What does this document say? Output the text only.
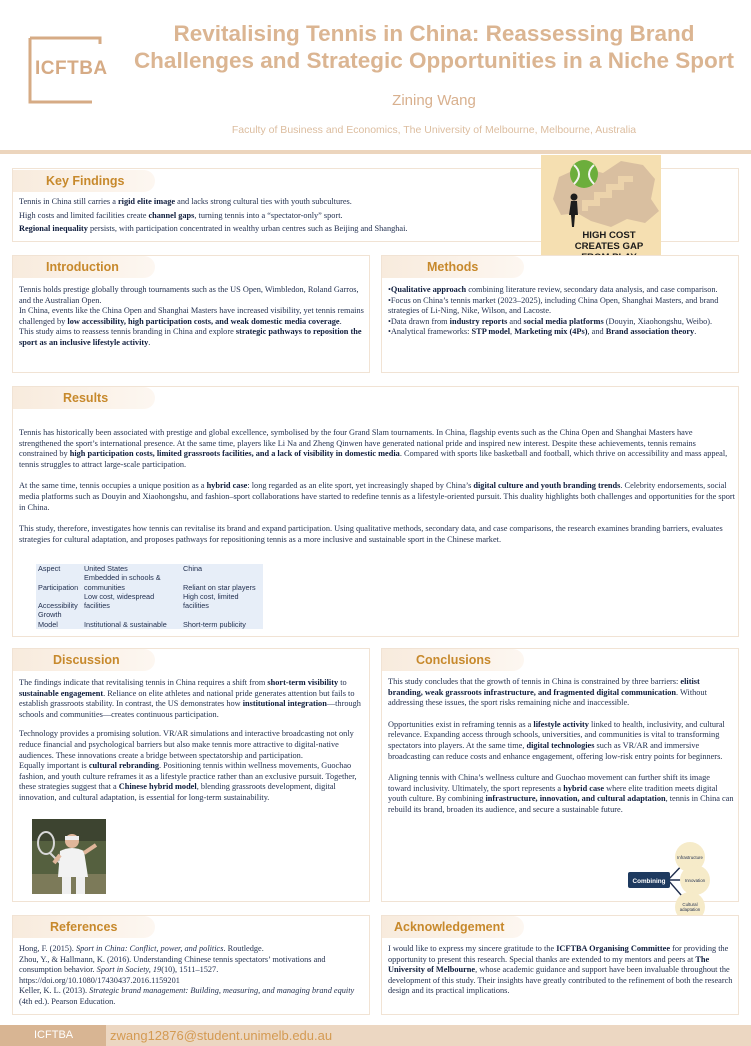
ICFTBA
Revitalising Tennis in China: Reassessing Brand
Challenges and Strategic Opportunities in a Niche Sport
Zining Wang
Faculty of Business and Economics, The University of Melbourne, Melbourne, Australia
Key Findings

Tennis in China still carries a rigid elite image and lacks strong cultural ties with youth subcultures.

High costs and limited facilities create channel gaps, turning tennis into a “spectator-only” sport.

Regional inequality persists, with participation concentrated in wealthy urban centres such as Beijing and Shanghai.

HIGH COST
CREATES GAP
Introduction

Tennis holds prestige globally through tournaments such as the US Open, Wimbledon, Roland Garros, and the Australian Open.

In China, events like the China Open and Shanghai Masters have increased visibility, yet tennis remains challenged by low accessibility, high participation costs, and weak domestic media coverage.

This study aims to reassess tennis branding in China and explore strategic pathways to reposition the sport as an inclusive lifestyle activity.

Methods

•Qualitative approach combining literature review, secondary data analysis, and case comparison.

•Focus on China’s tennis market (2023–2025), including China Open, Shanghai Masters, and brand strategies of Li-Ning, Nike, Wilson, and Lacoste.

•Data drawn from industry reports and social media platforms (Douyin, Xiaohongshu, Weibo).

•Analytical frameworks: STP model, Marketing mix (4Ps), and Brand association theory.

Results

Tennis has historically been associated with prestige and global excellence, symbolised by the four Grand Slam tournaments. In China, flagship events such as the China Open and Shanghai Masters have strengthened the sport’s international presence. At the same time, players like Li Na and Zheng Qinwen have generated national pride and inspired new interest. Despite these achievements, tennis remains constrained by high participation costs, limited grassroots facilities, and a lack of visibility in domestic media. Compared with sports like basketball and football, which thrive on accessibility and mass appeal, tennis struggles to attract large-scale participation.

At the same time, tennis occupies a unique position as a hybrid case: long regarded as an elite sport, yet increasingly shaped by China’s digital culture and youth branding trends. Celebrity endorsements, social media platforms such as Douyin and Xiaohongshu, and fashion–sport collaborations have started to redefine tennis as a lifestyle-oriented pursuit. This duality highlights both challenges and opportunities for the sport in China.

This study, therefore, investigates how tennis can revitalise its brand and expand participation. Using qualitative methods, secondary data, and case comparisons, the research examines branding barriers, evaluates strategies for cultural adaptation, and proposes pathways for repositioning tennis as a more inclusive and sustainable sport in the Chinese market.

Aspect	United States	China
Participation	Embedded in schools & communities	Reliant on star players
Accessibility	Low cost, widespread facilities	High cost, limited facilities
Growth Model	Institutional & sustainable	Short-term publicity
Discussion

The findings indicate that revitalising tennis in China requires a shift from short-term visibility to sustainable engagement. Reliance on elite athletes and national pride generates attention but fails to establish grassroots stability. In contrast, the US demonstrates how institutional integration—through schools and communities—creates continuous participation.

Technology provides a promising solution. VR/AR simulations and interactive broadcasting not only reduce financial and psychological barriers but also make tennis more attractive to digital-native audiences. These innovations create a bridge between spectatorship and participation.

Equally important is cultural rebranding. Positioning tennis within wellness movements, Guochao fashion, and youth culture reframes it as a lifestyle practice rather than an exclusive pursuit. Together, these strategies suggest that a Chinese hybrid model, blending grassroots development, digital innovation, and cultural adaptation, is essential for long-term sustainability.

Conclusions

This study concludes that the growth of tennis in China is constrained by three barriers: elitist branding, weak grassroots infrastructure, and fragmented digital communication. Without addressing these issues, the sport risks remaining niche and inaccessible.

Opportunities exist in reframing tennis as a lifestyle activity linked to health, inclusivity, and cultural relevance. Expanding access through schools, universities, and communities is vital to transforming spectators into players. At the same time, digital technologies such as VR/AR and immersive broadcasting can reduce costs and enhance engagement, offering low-risk entry points for beginners.

Aligning tennis with China’s wellness culture and Guochao movement can further shift its image toward inclusivity. Ultimately, the sport represents a hybrid case where elite tradition meets digital youth culture. By combining infrastructure, innovation, and cultural adaptation, tennis in China can rebuild its brand, broaden its audience, and secure a sustainable future.

Combining
Infrastructure
Innovation
Cultural
adaptation
References

Hong, F. (2015). Sport in China: Conflict, power, and politics. Routledge.

Zhou, Y., & Hallmann, K. (2016). Understanding Chinese tennis spectators’ motivations and consumption behavior. Sport in Society, 19(10), 1511–1527.

https://doi.org/10.1080/17430437.2016.1159201

Keller, K. L. (2013). Strategic brand management: Building, measuring, and managing brand equity (4th ed.). Pearson Education.

Acknowledgement

I would like to express my sincere gratitude to the ICFTBA Organising Committee for providing the opportunity to present this research. Special thanks are extended to my mentors and peers at The University of Melbourne, whose academic guidance and support have been invaluable throughout the development of this study. Their insights have greatly contributed to the refinement of both the research design and its practical implications.

ICFTBA	zwang12876@student.unimelb.edu.au
